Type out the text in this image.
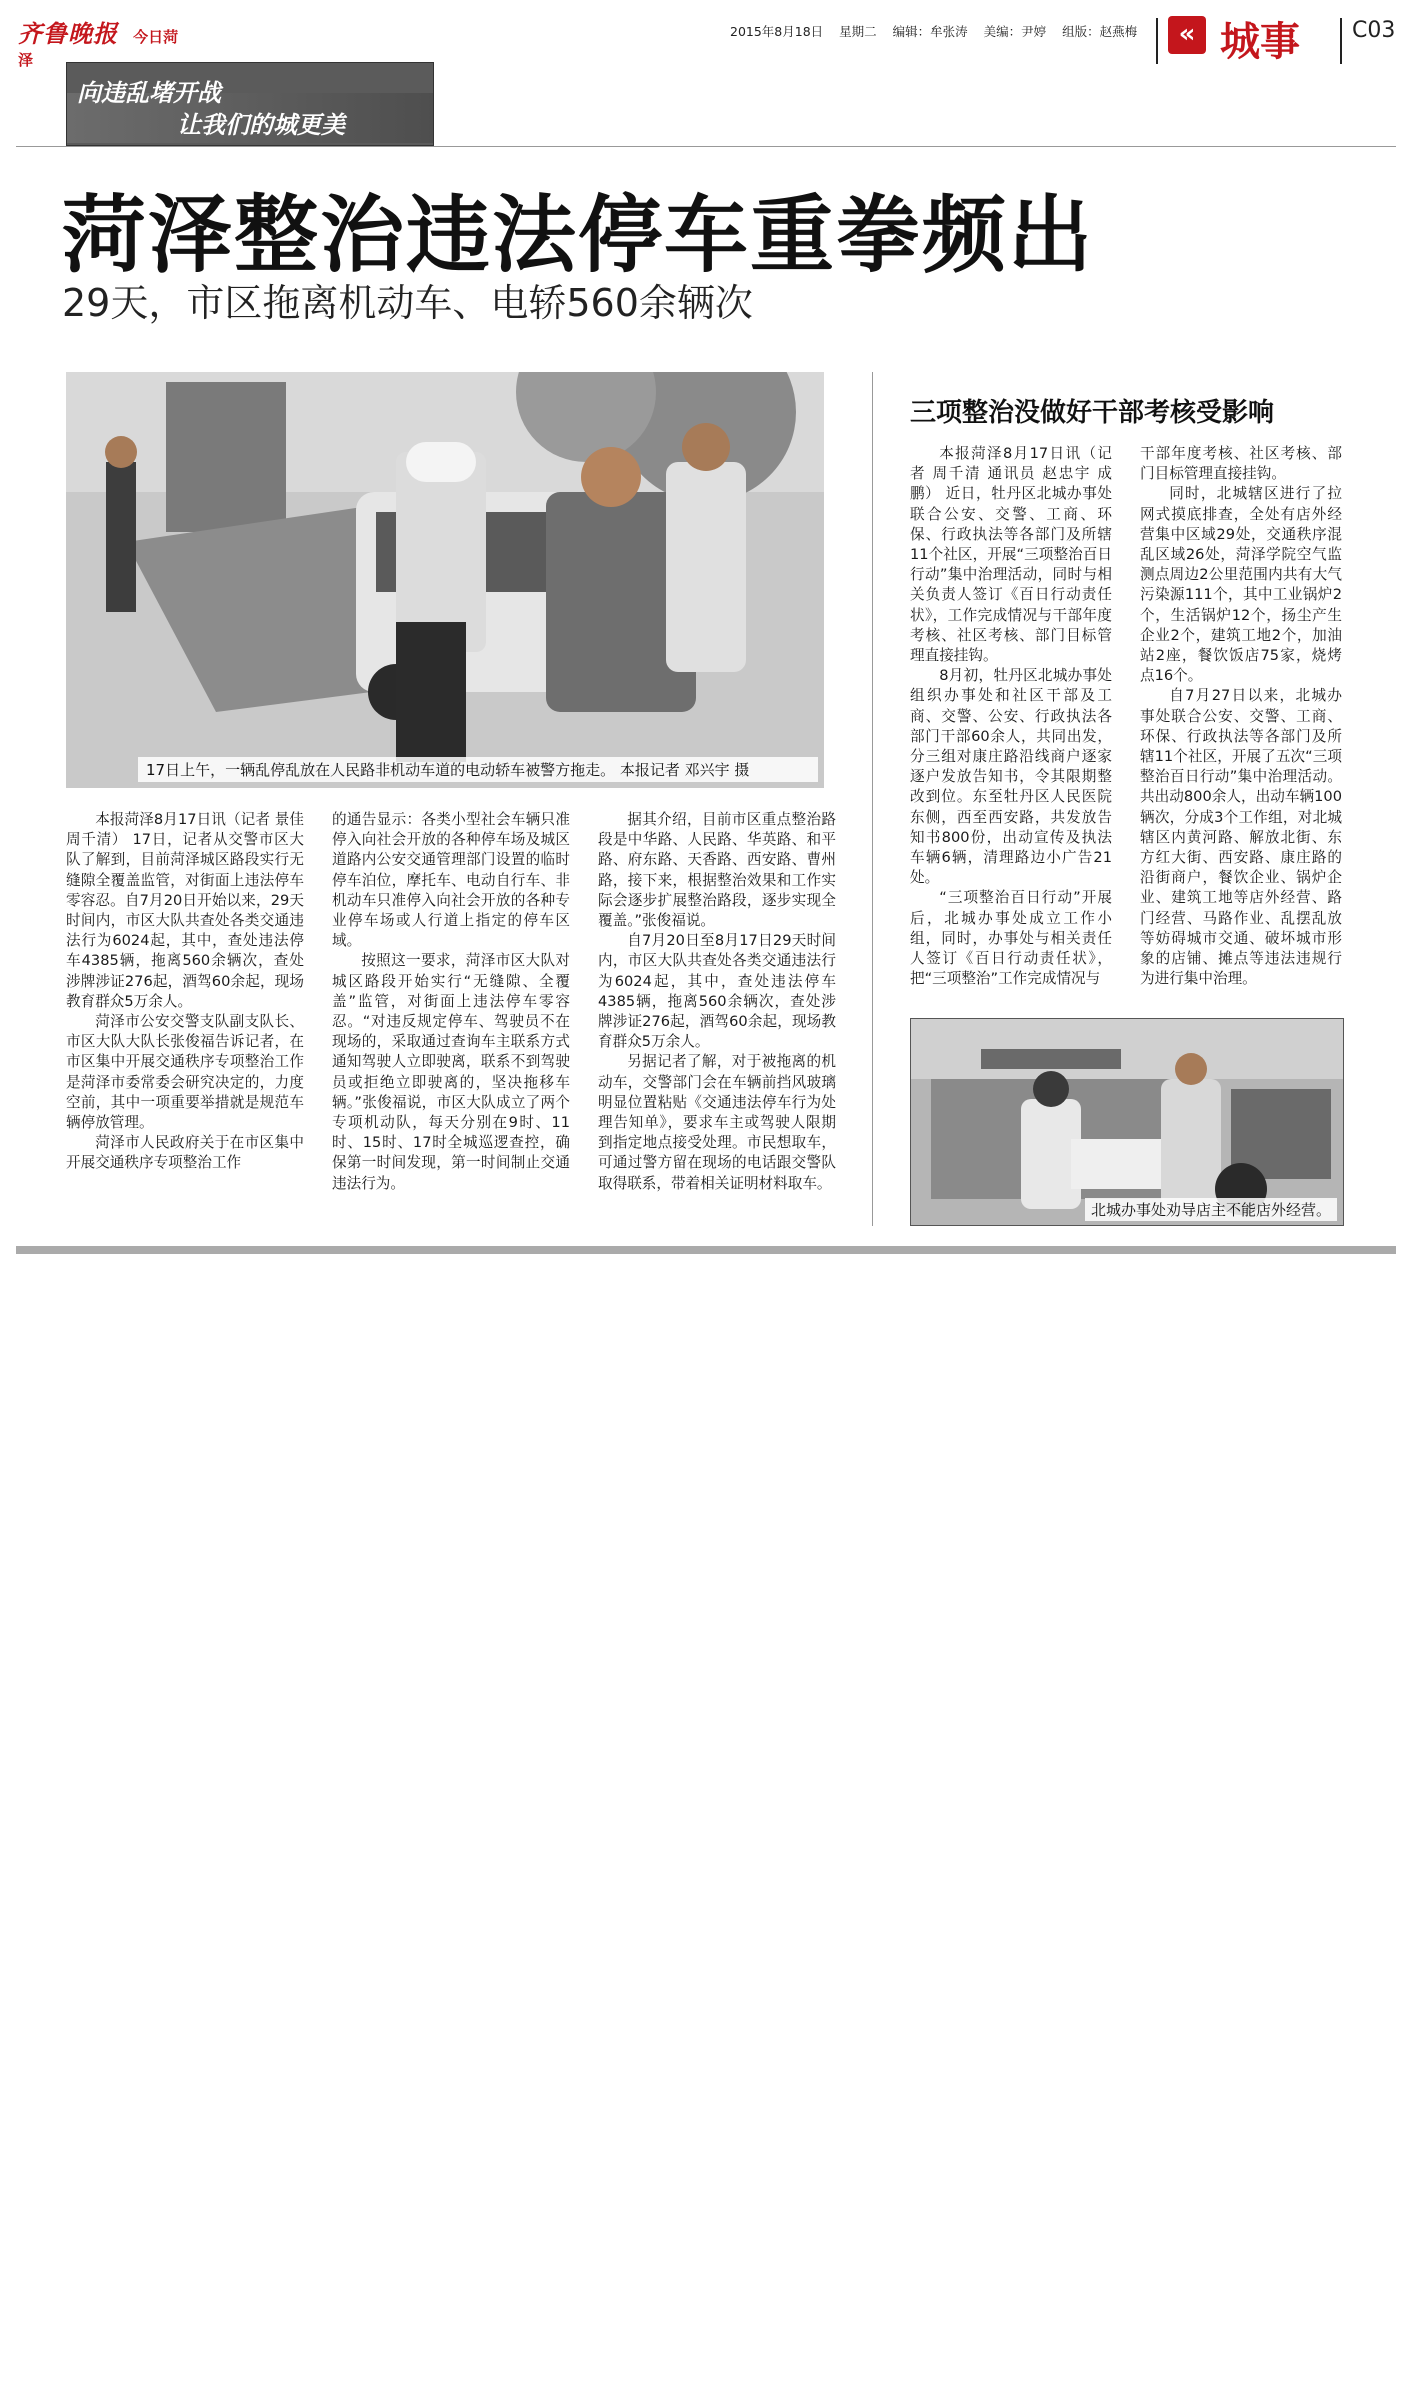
齐鲁晚报 今日菏泽
2015年8月18日 星期二 编辑：牟张涛 美编：尹婷 组版：赵燕梅	« 城事 C03
向违乱堵开战
让我们的城更美
菏泽整治违法停车重拳频出
29天，市区拖离机动车、电轿560余辆次
17日上午，一辆乱停乱放在人民路非机动车道的电动轿车被警方拖走。 本报记者 邓兴宇 摄

本报菏泽8月17日讯（记者 景佳 周千清） 17日，记者从交警市区大队了解到，目前菏泽城区路段实行无缝隙全覆盖监管，对街面上违法停车零容忍。自7月20日开始以来，29天时间内，市区大队共查处各类交通违法行为6024起，其中，查处违法停车4385辆，拖离560余辆次，查处涉牌涉证276起，酒驾60余起，现场教育群众5万余人。

菏泽市公安交警支队副支队长、市区大队大队长张俊福告诉记者，在市区集中开展交通秩序专项整治工作是菏泽市委常委会研究决定的，力度空前，其中一项重要举措就是规范车辆停放管理。

菏泽市人民政府关于在市区集中开展交通秩序专项整治工作

的通告显示：各类小型社会车辆只准停入向社会开放的各种停车场及城区道路内公安交通管理部门设置的临时停车泊位，摩托车、电动自行车、非机动车只准停入向社会开放的各种专业停车场或人行道上指定的停车区域。

按照这一要求，菏泽市区大队对城区路段开始实行“无缝隙、全覆盖”监管，对街面上违法停车零容忍。“对违反规定停车、驾驶员不在现场的，采取通过查询车主联系方式通知驾驶人立即驶离，联系不到驾驶员或拒绝立即驶离的，坚决拖移车辆。”张俊福说，市区大队成立了两个专项机动队，每天分别在9时、11时、15时、17时全城巡逻查控，确保第一时间发现，第一时间制止交通违法行为。

据其介绍，目前市区重点整治路段是中华路、人民路、华英路、和平路、府东路、天香路、西安路、曹州路，接下来，根据整治效果和工作实际会逐步扩展整治路段，逐步实现全覆盖。”张俊福说。

自7月20日至8月17日29天时间内，市区大队共查处各类交通违法行为6024起，其中，查处违法停车4385辆，拖离560余辆次，查处涉牌涉证276起，酒驾60余起，现场教育群众5万余人。

另据记者了解，对于被拖离的机动车，交警部门会在车辆前挡风玻璃明显位置粘贴《交通违法停车行为处理告知单》，要求车主或驾驶人限期到指定地点接受处理。市民想取车，可通过警方留在现场的电话跟交警队取得联系，带着相关证明材料取车。

三项整治没做好干部考核受影响

本报菏泽8月17日讯（记者 周千清 通讯员 赵忠宇 成鹏） 近日，牡丹区北城办事处联合公安、交警、工商、环保、行政执法等各部门及所辖11个社区，开展“三项整治百日行动”集中治理活动，同时与相关负责人签订《百日行动责任状》，工作完成情况与干部年度考核、社区考核、部门目标管理直接挂钩。

8月初，牡丹区北城办事处组织办事处和社区干部及工商、交警、公安、行政执法各部门干部60余人，共同出发，分三组对康庄路沿线商户逐家逐户发放告知书，令其限期整改到位。东至牡丹区人民医院东侧，西至西安路，共发放告知书800份，出动宣传及执法车辆6辆，清理路边小广告21处。

“三项整治百日行动”开展后，北城办事处成立工作小组，同时，办事处与相关责任人签订《百日行动责任状》，把“三项整治”工作完成情况与

干部年度考核、社区考核、部门目标管理直接挂钩。

同时，北城辖区进行了拉网式摸底排查，全处有店外经营集中区域29处，交通秩序混乱区域26处，菏泽学院空气监测点周边2公里范围内共有大气污染源111个，其中工业锅炉2个，生活锅炉12个，扬尘产生企业2个，建筑工地2个，加油站2座，餐饮饭店75家，烧烤点16个。

自7月27日以来，北城办事处联合公安、交警、工商、环保、行政执法等各部门及所辖11个社区，开展了五次“三项整治百日行动”集中治理活动。共出动800余人，出动车辆100辆次，分成3个工作组，对北城辖区内黄河路、解放北街、东方红大街、西安路、康庄路的沿街商户，餐饮企业、锅炉企业、建筑工地等店外经营、路门经营、马路作业、乱摆乱放等妨碍城市交通、破坏城市形象的店铺、摊点等违法违规行为进行集中治理。

北城办事处劝导店主不能店外经营。
